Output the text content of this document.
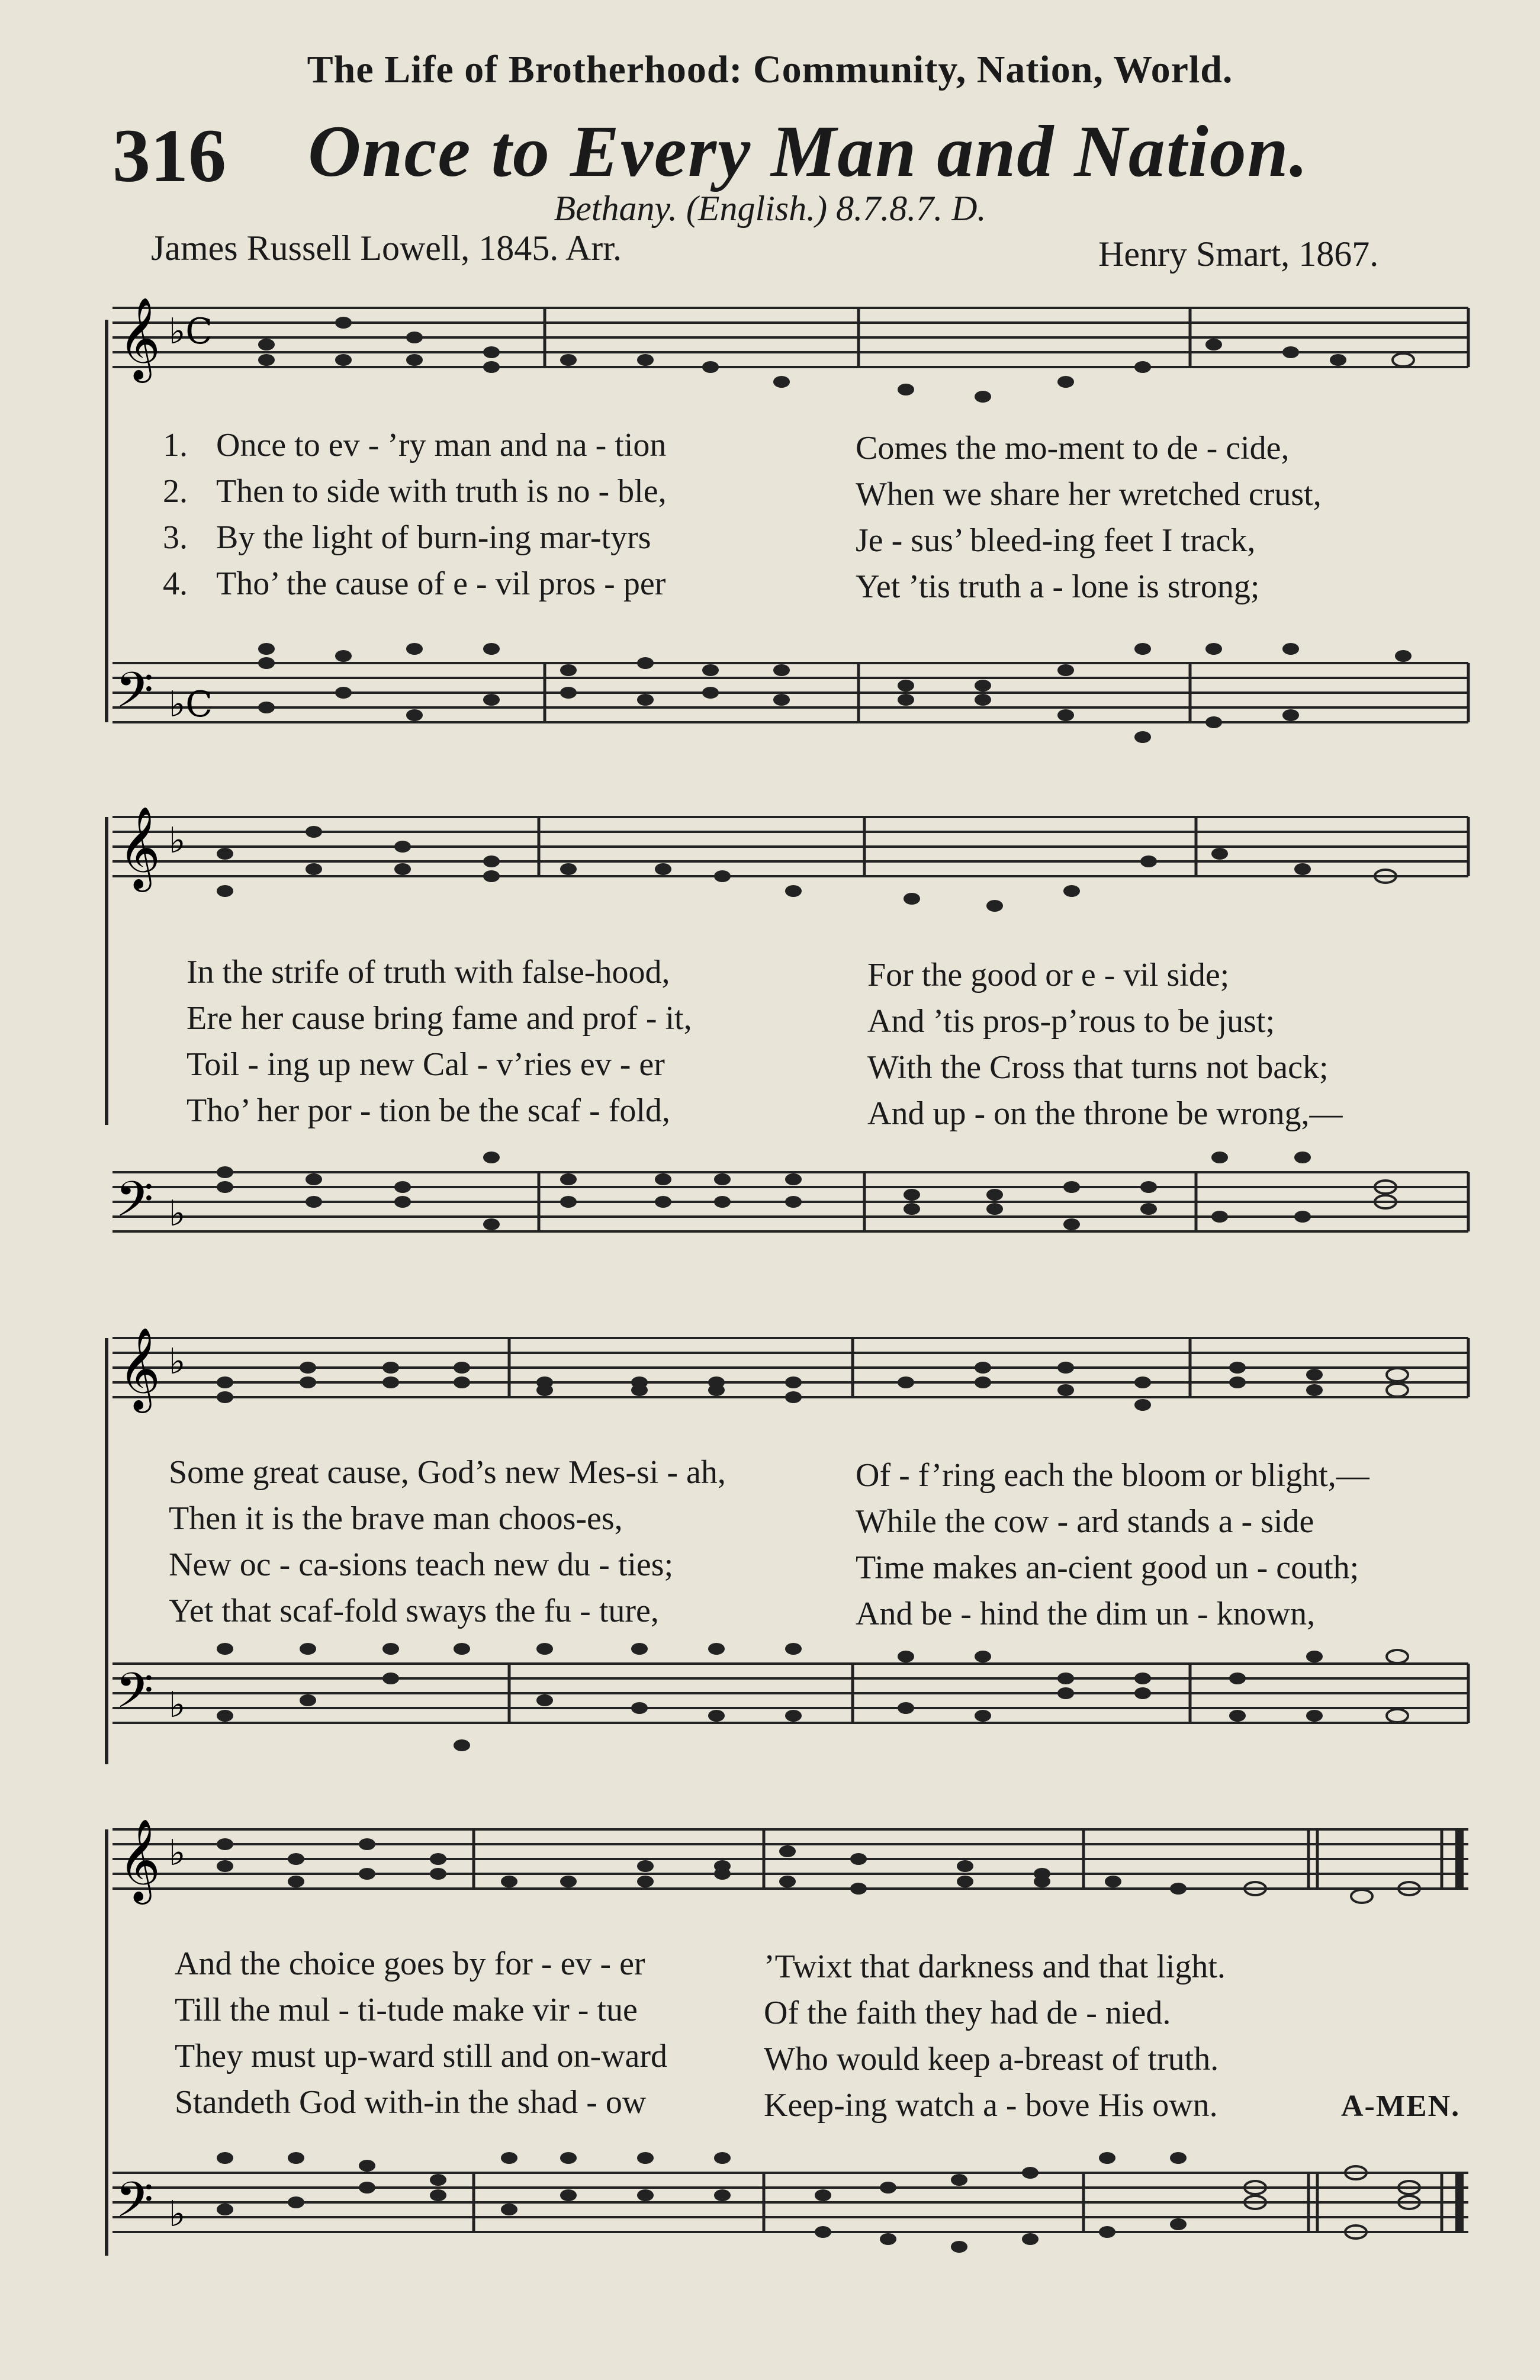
The Life of Brotherhood: Community, Nation, World.
316 Once to Every Man and Nation.
Bethany. (English.) 8.7.8.7. D.
James Russell Lowell, 1845. Arr.	Henry Smart, 1867.
𝄞 ♭C
1. Once to ev - ’ry man and na - tion	Comes the mo-ment to de - cide,
2. Then to side with truth is no - ble,	When we share her wretched crust,
3. By the light of burn-ing mar-tyrs	Je - sus’ bleed-ing feet I track,
4. Tho’ the cause of e - vil pros - per	Yet ’tis truth a - lone is strong;
𝄢 ♭C
𝄞 ♭
In the strife of truth with false-hood,	For the good or e - vil side;
Ere her cause bring fame and prof - it,	And ’tis pros-p’rous to be just;
Toil - ing up new Cal - v’ries ev - er	With the Cross that turns not back;
Tho’ her por - tion be the scaf - fold,	And up - on the throne be wrong,—
𝄢 ♭
𝄞 ♭
Some great cause, God’s new Mes-si - ah,	Of - f’ring each the bloom or blight,—
Then it is the brave man choos-es,	While the cow - ard stands a - side
New oc - ca-sions teach new du - ties;	Time makes an-cient good un - couth;
Yet that scaf-fold sways the fu - ture,	And be - hind the dim un - known,
𝄢 ♭
𝄞 ♭
And the choice goes by for - ev - er	’Twixt that darkness and that light.
Till the mul - ti-tude make vir - tue	Of the faith they had de - nied.
They must up-ward still and on-ward	Who would keep a-breast of truth.
Standeth God with-in the shad - ow	Keep-ing watch a - bove His own.	A-MEN.
𝄢 ♭
